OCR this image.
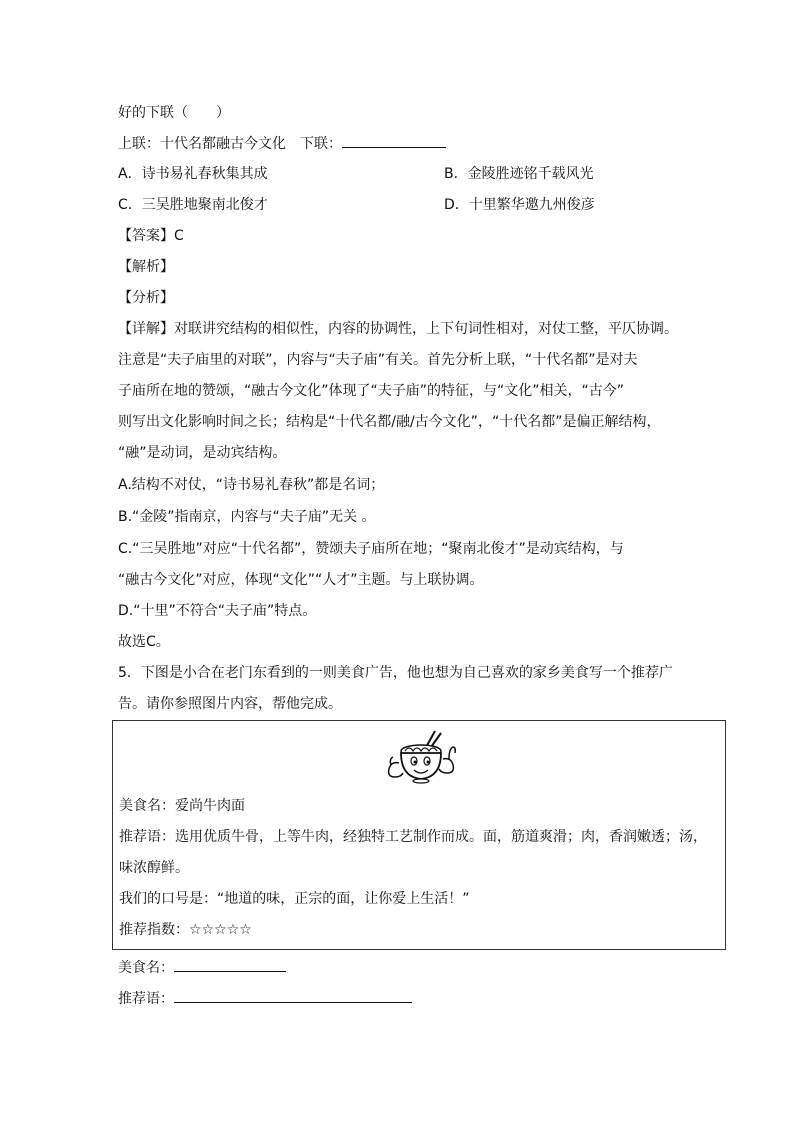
好的下联（　　）
上联：十代名都融古今文化　下联：
A．诗书易礼春秋集其成	B．金陵胜迹铭千载风光
C．三吴胜地聚南北俊才	D．十里繁华邀九州俊彦
【答案】C
【解析】
【分析】
【详解】对联讲究结构的相似性，内容的协调性，上下句词性相对，对仗工整，平仄协调。
注意是“夫子庙里的对联”，内容与“夫子庙”有关。首先分析上联，“十代名都”是对夫
子庙所在地的赞颂，“融古今文化”体现了“夫子庙”的特征，与“文化”相关，“古今”
则写出文化影响时间之长；结构是“十代名都/融/古今文化”，“十代名都”是偏正解结构，
“融”是动词，是动宾结构。
A.结构不对仗，“诗书易礼春秋”都是名词；
B.“金陵”指南京，内容与“夫子庙”无关 。
C.“三吴胜地”对应“十代名都”，赞颂夫子庙所在地；“聚南北俊才”是动宾结构，与
“融古今文化”对应，体现“文化”“人才”主题。与上联协调。
D.“十里”不符合“夫子庙”特点。
故选C。
5．下图是小合在老门东看到的一则美食广告，他也想为自己喜欢的家乡美食写一个推荐广
告。请你参照图片内容，帮他完成。
美食名：爱尚牛肉面
推荐语：选用优质牛骨，上等牛肉，经独特工艺制作而成。面，筋道爽滑；肉，香润嫩透；汤，
味浓醇鲜。
我们的口号是：“地道的味，正宗的面，让你爱上生活！”
推荐指数：☆☆☆☆☆
美食名：
推荐语：
